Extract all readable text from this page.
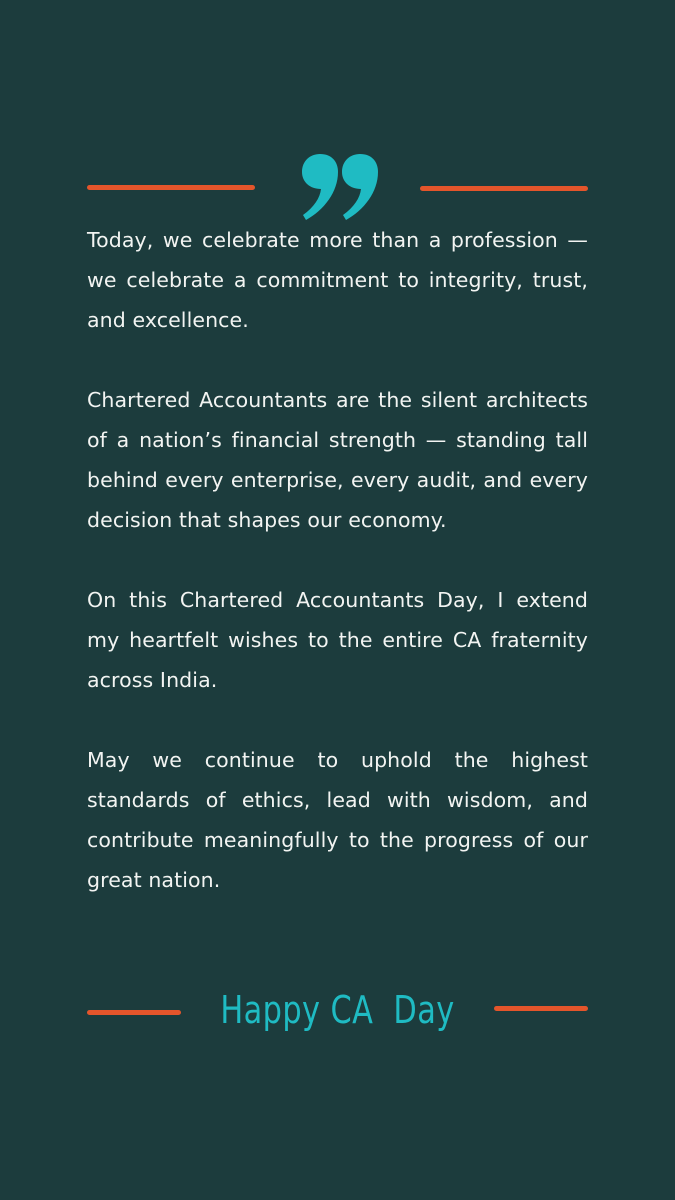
Today, we celebrate more than a profession — we celebrate a commitment to integrity, trust, and excellence.

Chartered Accountants are the silent architects of a nation’s financial strength — standing tall behind every enterprise, every audit, and every decision that shapes our economy.

On this Chartered Accountants Day, I extend my heartfelt wishes to the entire CA fraternity across India.

May we continue to uphold the highest standards of ethics, lead with wisdom, and contribute meaningfully to the progress of our great nation.

Happy CA  Day
